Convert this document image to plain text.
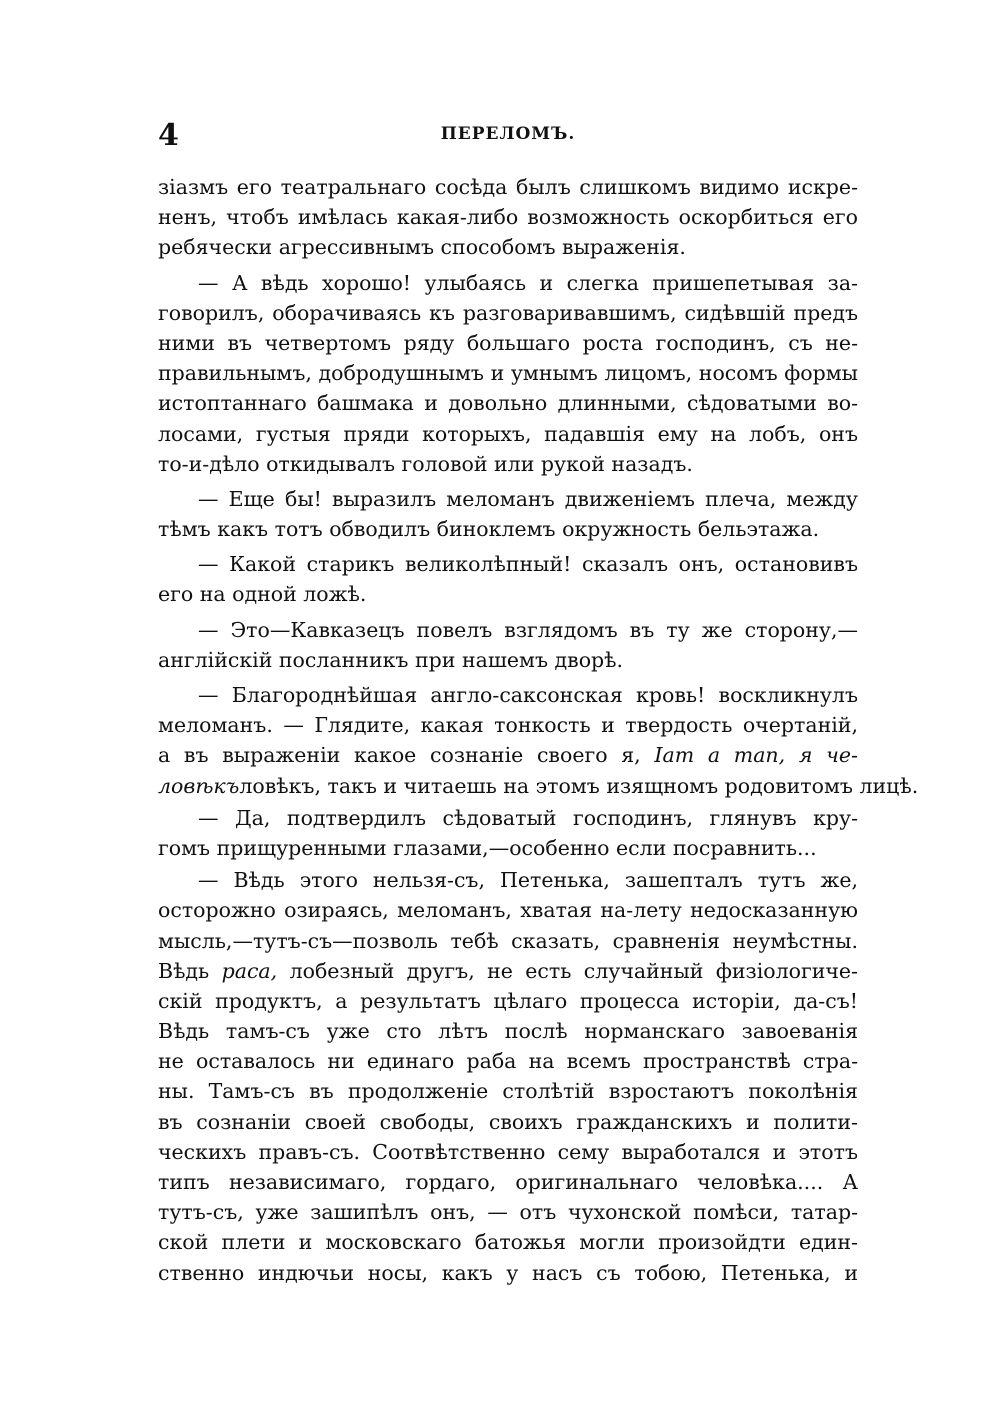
4	ПЕРЕЛОМЪ.
зіазмъ его театральнаго сосѣда былъ слишкомъ видимо искре-
ненъ, чтобъ имѣлась какая-либо возможность оскорбиться его
ребячески агрессивнымъ способомъ выраженія.
— А вѣдь хорошо! улыбаясь и слегка пришепетывая за-
говорилъ, оборачиваясь къ разговаривавшимъ, сидѣвшій предъ
ними въ четвертомъ ряду большаго роста господинъ, съ не-
правильнымъ, добродушнымъ и умнымъ лицомъ, носомъ формы
истоптаннаго башмака и довольно длинными, сѣдоватыми во-
лосами, густыя пряди которыхъ, падавшія ему на лобъ, онъ
то-и-дѣло откидывалъ головой или рукой назадъ.
— Еще бы! выразилъ меломанъ движеніемъ плеча, между
тѣмъ какъ тотъ обводилъ биноклемъ окружность бельэтажа.
— Какой старикъ великолѣпный! сказалъ онъ, остановивъ
его на одной ложѣ.
— Это—Кавказецъ повелъ взглядомъ въ ту же сторону,—
англійскій посланникъ при нашемъ дворѣ.
— Благороднѣйшая англо-саксонская кровь! воскликнулъ
меломанъ. — Глядите, какая тонкость и твердость очертаній,
а въ выраженіи какое сознаніе своего я, Іат а тап, я че-
ловѣкъловѣкъ, такъ и читаешь на этомъ изящномъ родовитомъ лицѣ.
— Да, подтвердилъ сѣдоватый господинъ, глянувъ кру-
гомъ прищуренными глазами,—особенно если посравнить...
— Вѣдь этого нельзя-съ, Петенька, зашепталъ тутъ же,
осторожно озираясь, меломанъ, хватая на-лету недосказанную
мысль,—тутъ-съ—позволь тебѣ сказать, сравненія неумѣстны.
Вѣдь раса, лобезный другъ, не есть случайный физіологиче-
скій продуктъ, а результатъ цѣлаго процесса исторіи, да-съ!
Вѣдь тамъ-съ уже сто лѣтъ послѣ норманскаго завоеванія
не оставалось ни единаго раба на всемъ пространствѣ стра-
ны. Тамъ-съ въ продолженіе столѣтій взростаютъ поколѣнія
въ сознаніи своей свободы, своихъ гражданскихъ и полити-
ческихъ правъ-съ. Соотвѣтственно сему выработался и этотъ
типъ независимаго, гордаго, оригинальнаго человѣка.... А
тутъ-съ, уже зашипѣлъ онъ, — отъ чухонской помѣси, татар-
ской плети и московскаго батожья могли произойдти един-
ственно индючьи носы, какъ у насъ съ тобою, Петенька, и
